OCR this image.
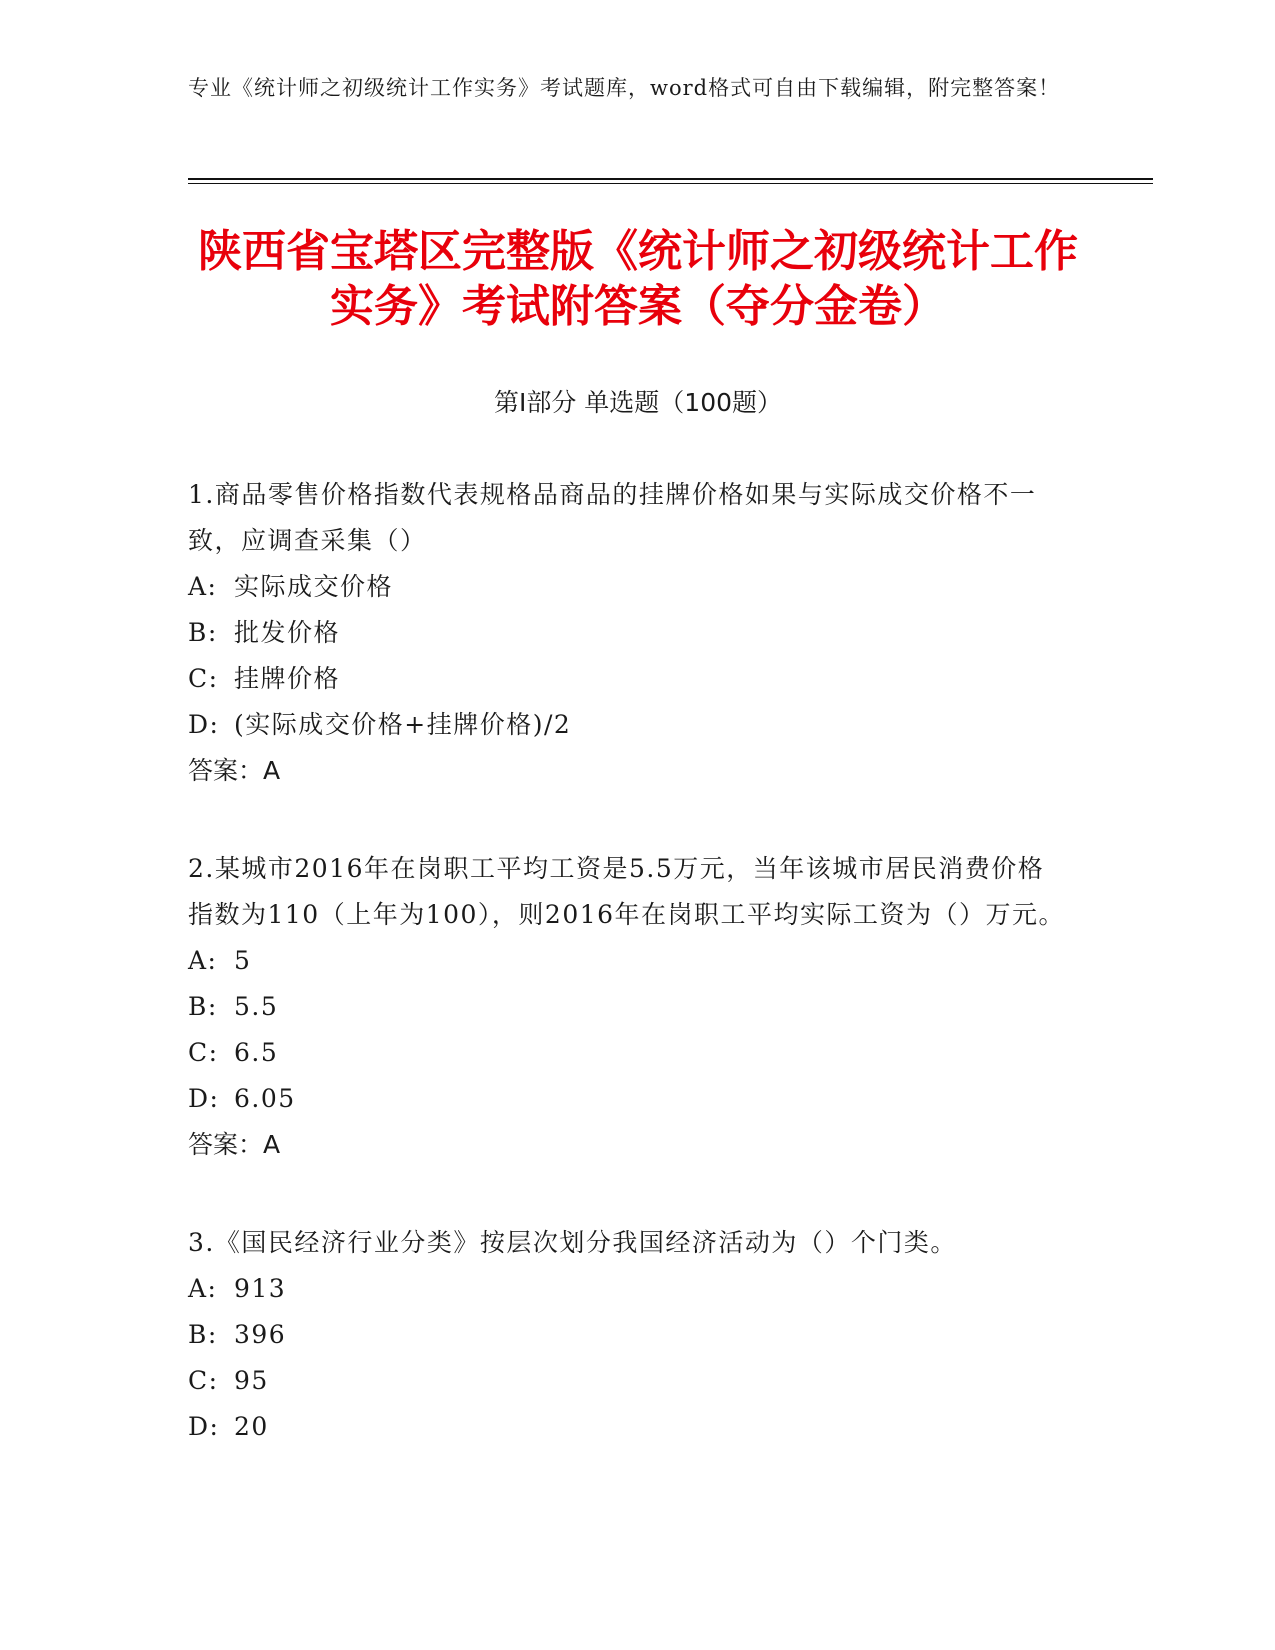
专业《统计师之初级统计工作实务》考试题库，word格式可自由下载编辑，附完整答案！
陕西省宝塔区完整版《统计师之初级统计工作实务》考试附答案（夺分金卷）
第Ⅰ部分 单选题（100题）

1.商品零售价格指数代表规格品商品的挂牌价格如果与实际成交价格不一致，应调查采集（）

A: 实际成交价格
B: 批发价格
C: 挂牌价格
D: (实际成交价格+挂牌价格)/2

答案：A

2.某城市2016年在岗职工平均工资是5.5万元，当年该城市居民消费价格指数为110（上年为100），则2016年在岗职工平均实际工资为（）万元。

A: 5
B: 5.5
C: 6.5
D: 6.05

答案：A

3.《国民经济行业分类》按层次划分我国经济活动为（）个门类。

A: 913
B: 396
C: 95
D: 20
